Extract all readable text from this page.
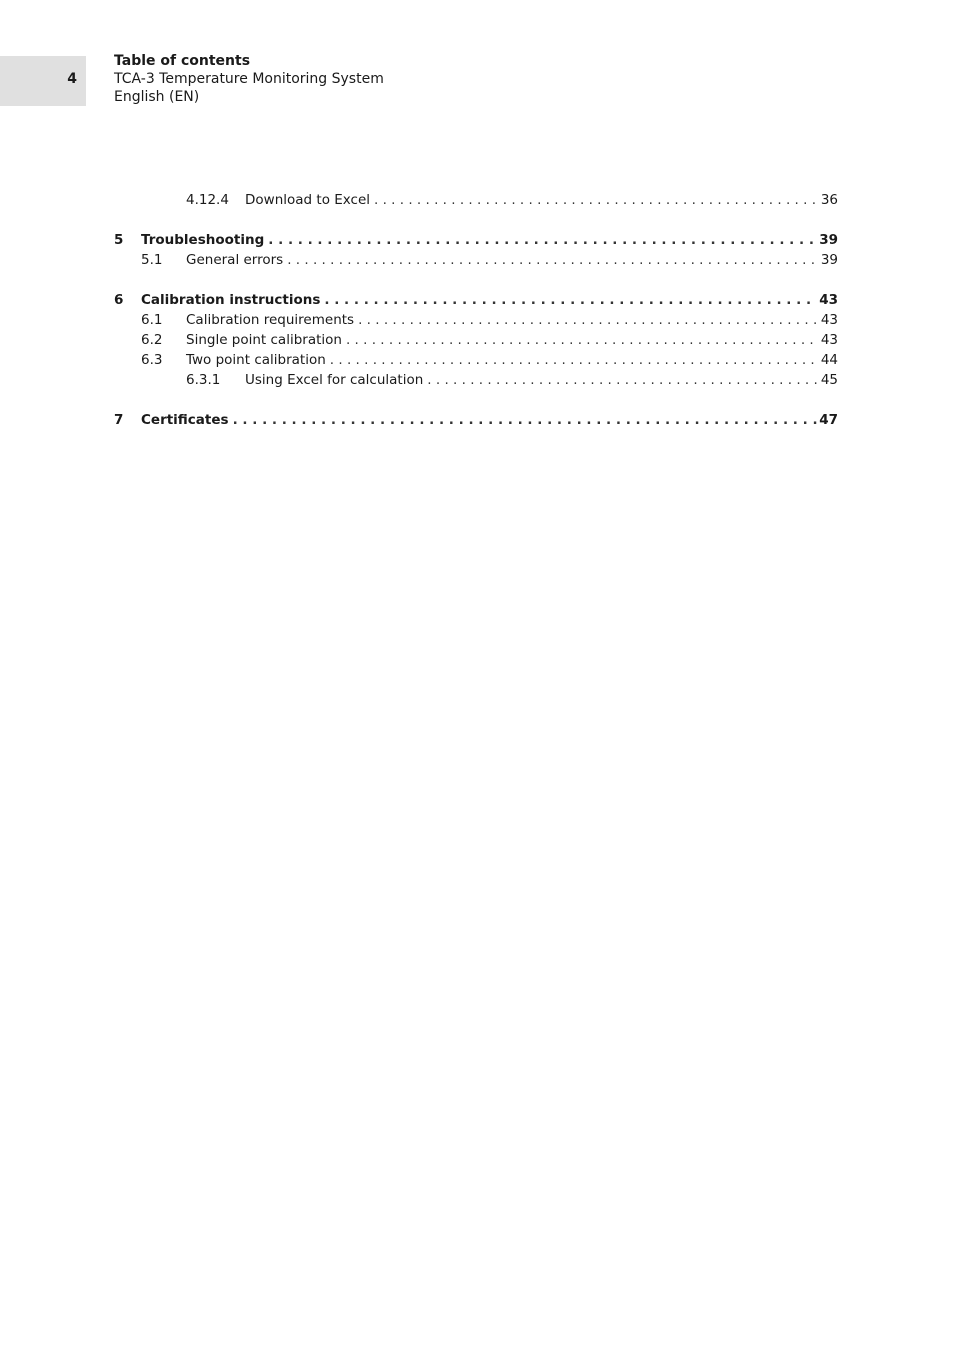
4
Table of contents
TCA-3 Temperature Monitoring System
English (EN)
4.12.4 Download to Excel . . .	36
5 Troubleshooting . . .	39
5.1 General errors . . .	39
6 Calibration instructions . . .	43
6.1 Calibration requirements . . .	43
6.2 Single point calibration . . .	43
6.3 Two point calibration . . .	44
6.3.1 Using Excel for calculation . . .	45
7 Certificates . . .	47
